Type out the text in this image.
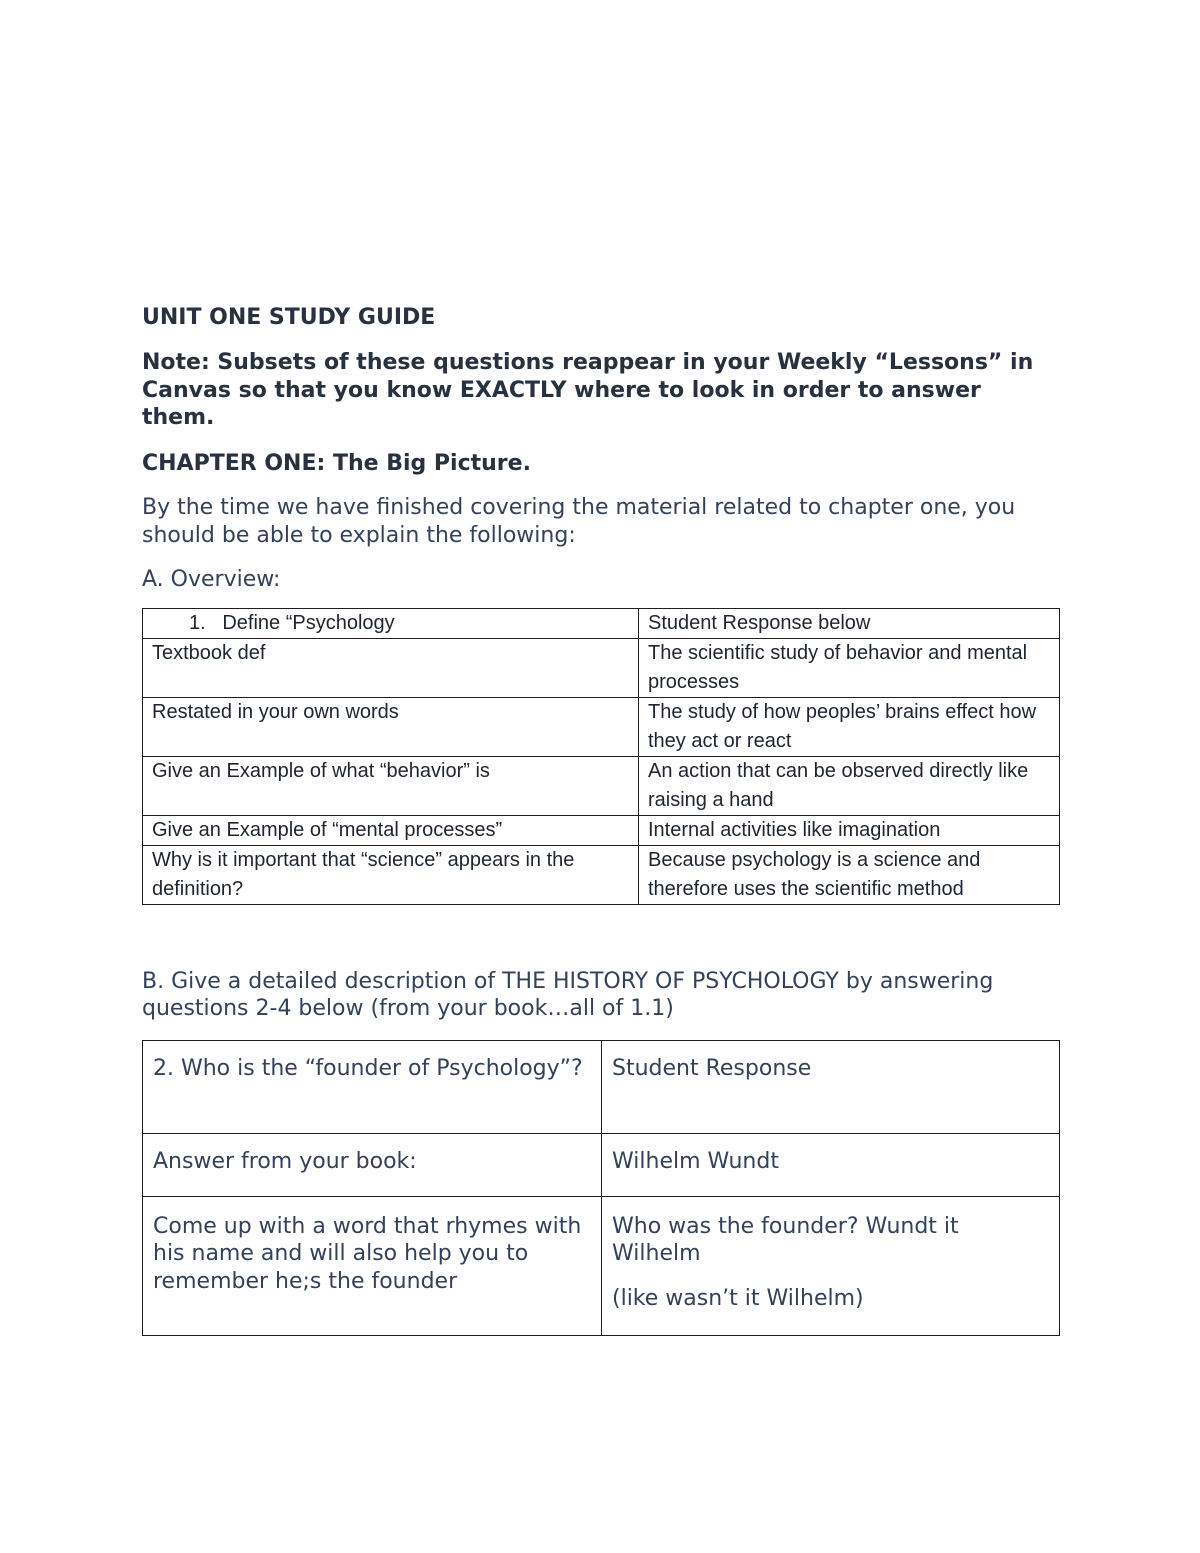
UNIT ONE STUDY GUIDE
Note: Subsets of these questions reappear in your Weekly “Lessons” in Canvas so that you know EXACTLY where to look in order to answer them.
CHAPTER ONE: The Big Picture.
By the time we have finished covering the material related to chapter one, you should be able to explain the following:
A. Overview:
1. Define “Psychology	Student Response below
Textbook def	The scientific study of behavior and mental processes
Restated in your own words	The study of how peoples’ brains effect how they act or react
Give an Example of what “behavior” is	An action that can be observed directly like raising a hand
Give an Example of “mental processes”	Internal activities like imagination
Why is it important that “science” appears in the definition?	Because psychology is a science and therefore uses the scientific method
B. Give a detailed description of THE HISTORY OF PSYCHOLOGY by answering questions 2-4 below (from your book…all of 1.1)
2. Who is the “founder of Psychology”?	Student Response
Answer from your book:	Wilhelm Wundt
Come up with a word that rhymes with his name and will also help you to remember he;s the founder	Who was the founder? Wundt it Wilhelm
(like wasn’t it Wilhelm)
